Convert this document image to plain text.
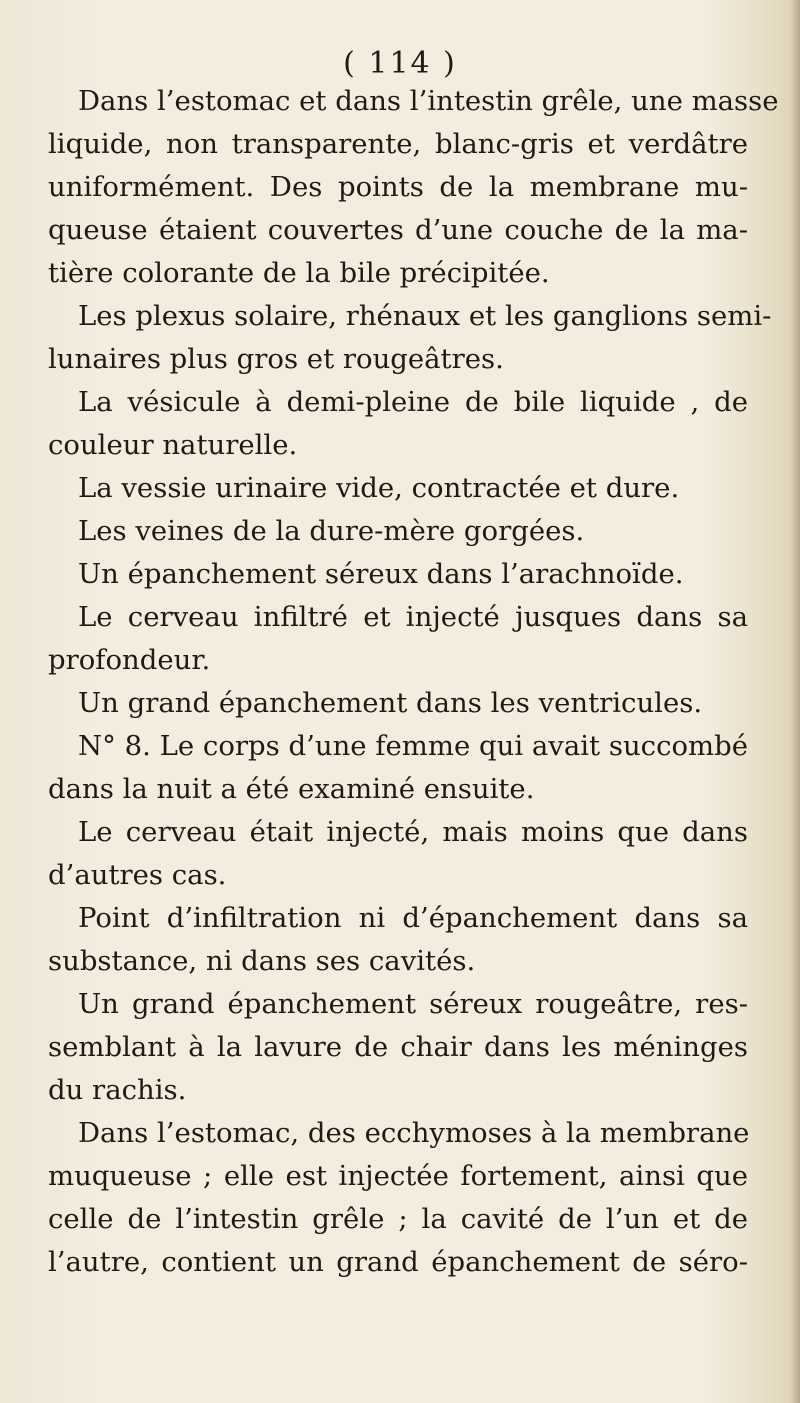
( 114 )

Dans l’estomac et dans l’intestin grêle, une masse
liquide, non transparente, blanc-gris et verdâtre
uniformément. Des points de la membrane mu-
queuse étaient couvertes d’une couche de la ma-
tière colorante de la bile précipitée.

Les plexus solaire, rhénaux et les ganglions semi-
lunaires plus gros et rougeâtres.

La vésicule à demi-pleine de bile liquide , de
couleur naturelle.

La vessie urinaire vide, contractée et dure.

Les veines de la dure-mère gorgées.

Un épanchement séreux dans l’arachnoïde.

Le cerveau infiltré et injecté jusques dans sa
profondeur.

Un grand épanchement dans les ventricules.

N° 8. Le corps d’une femme qui avait succombé
dans la nuit a été examiné ensuite.

Le cerveau était injecté, mais moins que dans
d’autres cas.

Point d’infiltration ni d’épanchement dans sa
substance, ni dans ses cavités.

Un grand épanchement séreux rougeâtre, res-
semblant à la lavure de chair dans les méninges
du rachis.

Dans l’estomac, des ecchymoses à la membrane
muqueuse ; elle est injectée fortement, ainsi que
celle de l’intestin grêle ; la cavité de l’un et de
l’autre, contient un grand épanchement de séro-
